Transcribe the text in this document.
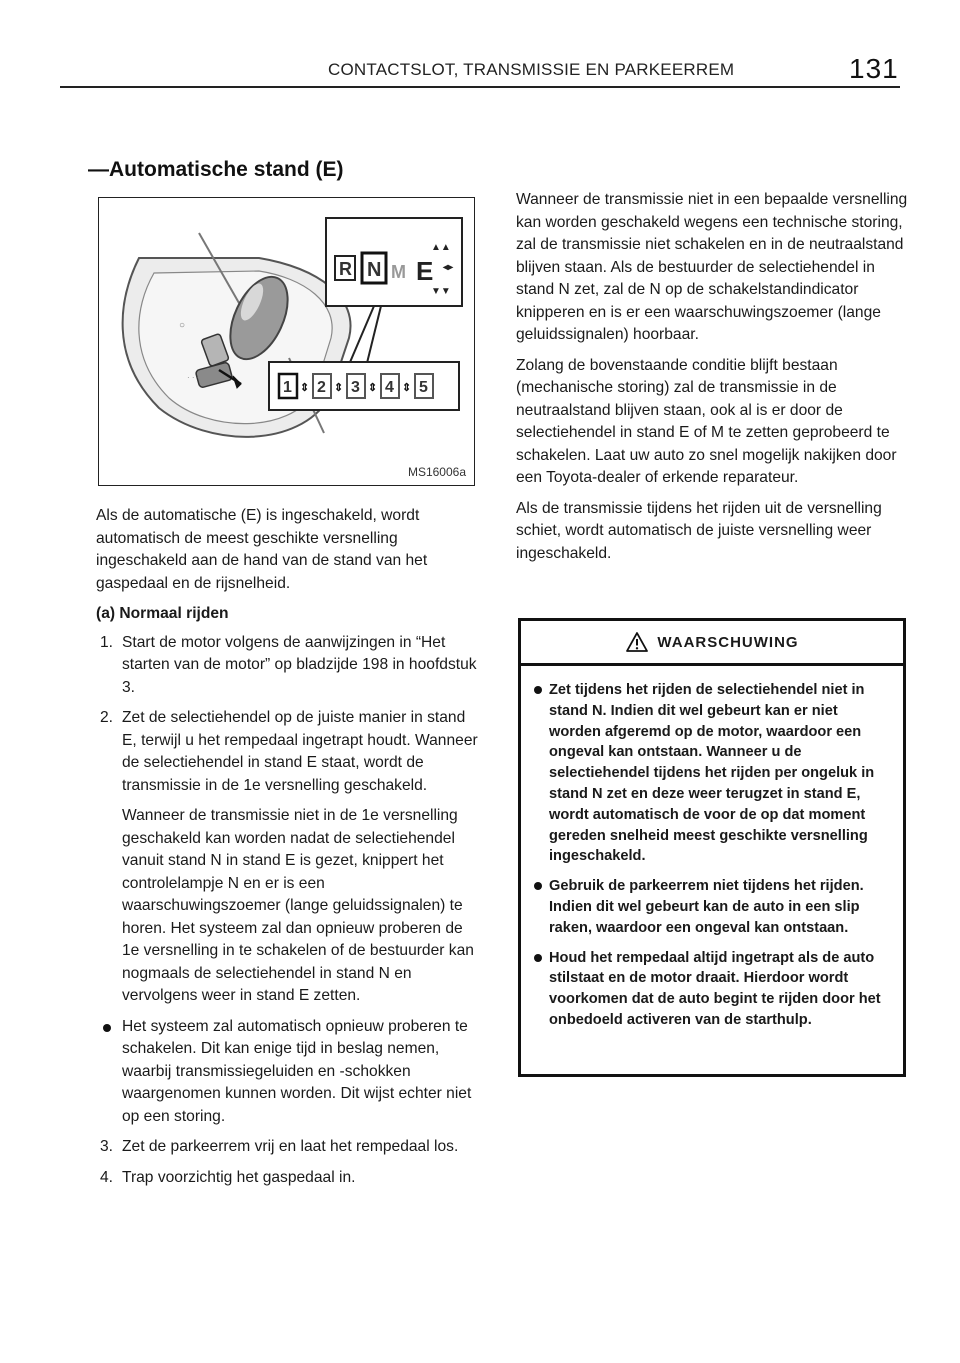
CONTACTSLOT, TRANSMISSIE EN PARKEERREM	131
—Automatische stand (E)
○
· · ·
R N M E
▲▲
▼▼
◂▸
1 ⇕ 2 ⇕ 3 ⇕ 4 ⇕ 5
MS16006a

Als de automatische (E) is ingeschakeld, wordt automatisch de meest geschikte versnelling ingeschakeld aan de hand van de stand van het gaspedaal en de rijsnelheid.

(a) Normaal rijden
1. Start de motor volgens de aanwijzingen in “Het starten van de motor” op bladzijde 198 in hoofdstuk 3.
2. Zet de selectiehendel op de juiste manier in stand E, terwijl u het rempedaal ingetrapt houdt. Wanneer de selectiehendel in stand E staat, wordt de transmissie in de 1e versnelling geschakeld.
Wanneer de transmissie niet in de 1e versnelling geschakeld kan worden nadat de selectiehendel vanuit stand N in stand E is gezet, knippert het controlelampje N en er is een waarschuwingszoemer (lange geluidssignalen) te horen. Het systeem zal dan opnieuw proberen de 1e versnelling in te schakelen of de bestuurder kan nogmaals de selectiehendel in stand N en vervolgens weer in stand E zetten.
Het systeem zal automatisch opnieuw proberen te schakelen. Dit kan enige tijd in beslag nemen, waarbij transmissiegeluiden en -schokken waargenomen kunnen worden. Dit wijst echter niet op een storing.
3. Zet de parkeerrem vrij en laat het rempedaal los.
4. Trap voorzichtig het gaspedaal in.

Wanneer de transmissie niet in een bepaalde versnelling kan worden geschakeld wegens een technische storing, zal de transmissie niet schakelen en in de neutraalstand blijven staan. Als de bestuurder de selectiehendel in stand N zet, zal de N op de schakelstandindicator knipperen en is er een waarschuwingszoemer (lange geluidssignalen) hoorbaar.

Zolang de bovenstaande conditie blijft bestaan (mechanische storing) zal de transmissie in de neutraalstand blijven staan, ook al is er door de selectiehendel in stand E of M te zetten geprobeerd te schakelen. Laat uw auto zo snel mogelijk nakijken door een Toyota-dealer of erkende reparateur.

Als de transmissie tijdens het rijden uit de versnelling schiet, wordt automatisch de juiste versnelling weer ingeschakeld.

WAARSCHUWING
Zet tijdens het rijden de selectiehendel niet in stand N. Indien dit wel gebeurt kan er niet worden afgeremd op de motor, waardoor een ongeval kan ontstaan. Wanneer u de selectiehendel tijdens het rijden per ongeluk in stand N zet en deze weer terugzet in stand E, wordt automatisch de voor de op dat moment gereden snelheid meest geschikte versnelling ingeschakeld.
Gebruik de parkeerrem niet tijdens het rijden. Indien dit wel gebeurt kan de auto in een slip raken, waardoor een ongeval kan ontstaan.
Houd het rempedaal altijd ingetrapt als de auto stilstaat en de motor draait. Hierdoor wordt voorkomen dat de auto begint te rijden door het onbedoeld activeren van de starthulp.
